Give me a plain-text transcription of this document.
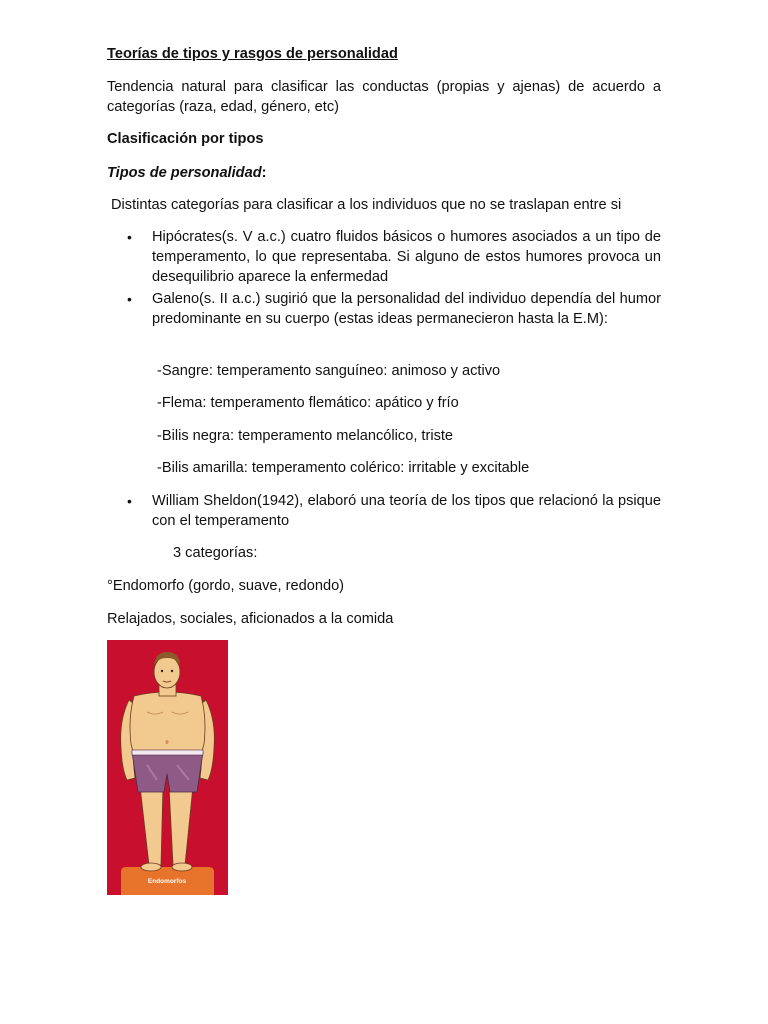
Teorías de tipos y rasgos de personalidad
Tendencia natural para clasificar las conductas (propias y ajenas) de acuerdo a categorías (raza, edad, género, etc)
Clasificación por tipos
Tipos de personalidad:
Distintas categorías para clasificar a los individuos que no se traslapan entre si
• Hipócrates(s. V a.c.) cuatro fluidos básicos o humores asociados a un tipo de temperamento, lo que representaba. Si alguno de estos humores provoca un desequilibrio aparece la enfermedad
• Galeno(s. II a.c.) sugirió que la personalidad del individuo dependía del humor predominante en su cuerpo (estas ideas permanecieron hasta la E.M):
-Sangre: temperamento sanguíneo: animoso y activo
-Flema: temperamento flemático: apático y frío
-Bilis negra: temperamento melancólico, triste
-Bilis amarilla: temperamento colérico: irritable y excitable
• William Sheldon(1942), elaboró una teoría de los tipos que relacionó la psique con el temperamento
3 categorías:
°Endomorfo (gordo, suave, redondo)
Relajados, sociales, aficionados a la comida
Endomorfos
